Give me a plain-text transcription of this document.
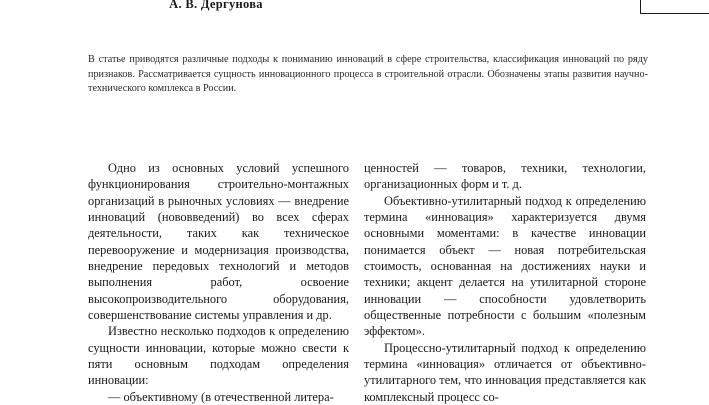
А. В. Дергунова
В статье приводятся различные подходы к пониманию инноваций в сфере строительства, классификация инноваций по ряду признаков. Рассматривается сущность инновационного процесса в строительной отрасли. Обозначены этапы развития научно-технического комплекса в России.

Одно из основных условий успешного функционирования строительно-монтажных организаций в рыночных условиях — внедрение инноваций (нововведений) во всех сферах деятельности, таких как техническое перевооружение и модернизация производства, внедрение передовых технологий и методов выполнения работ, освоение высокопроизводительного оборудования, совершенствование системы управления и др.

Известно несколько подходов к определению сущности инновации, которые можно свести к пяти основным подходам определения инновации:

— объективному (в отечественной литера-

ценностей — товаров, техники, технологии, организационных форм и т. д.

Объективно-утилитарный подход к определению термина «инновация» характеризуется двумя основными моментами: в качестве инновации понимается объект — новая потребительская стоимость, основанная на достижениях науки и техники; акцент делается на утилитарной стороне инновации — способности удовлетворить общественные потребности с большим «полезным эффектом».

Процессно-утилитарный подход к определению термина «инновация» отличается от объективно-утилитарного тем, что инновация представляется как комплексный процесс со-
